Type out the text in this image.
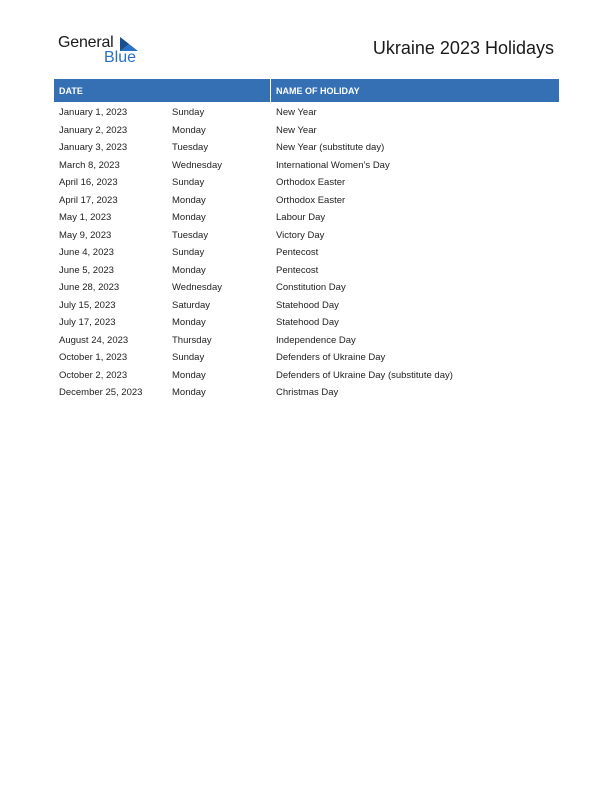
General
Blue	Ukraine 2023 Holidays
DATE	NAME OF HOLIDAY
January 1, 2023	Sunday	New Year
January 2, 2023	Monday	New Year
January 3, 2023	Tuesday	New Year (substitute day)
March 8, 2023	Wednesday	International Women’s Day
April 16, 2023	Sunday	Orthodox Easter
April 17, 2023	Monday	Orthodox Easter
May 1, 2023	Monday	Labour Day
May 9, 2023	Tuesday	Victory Day
June 4, 2023	Sunday	Pentecost
June 5, 2023	Monday	Pentecost
June 28, 2023	Wednesday	Constitution Day
July 15, 2023	Saturday	Statehood Day
July 17, 2023	Monday	Statehood Day
August 24, 2023	Thursday	Independence Day
October 1, 2023	Sunday	Defenders of Ukraine Day
October 2, 2023	Monday	Defenders of Ukraine Day (substitute day)
December 25, 2023	Monday	Christmas Day
